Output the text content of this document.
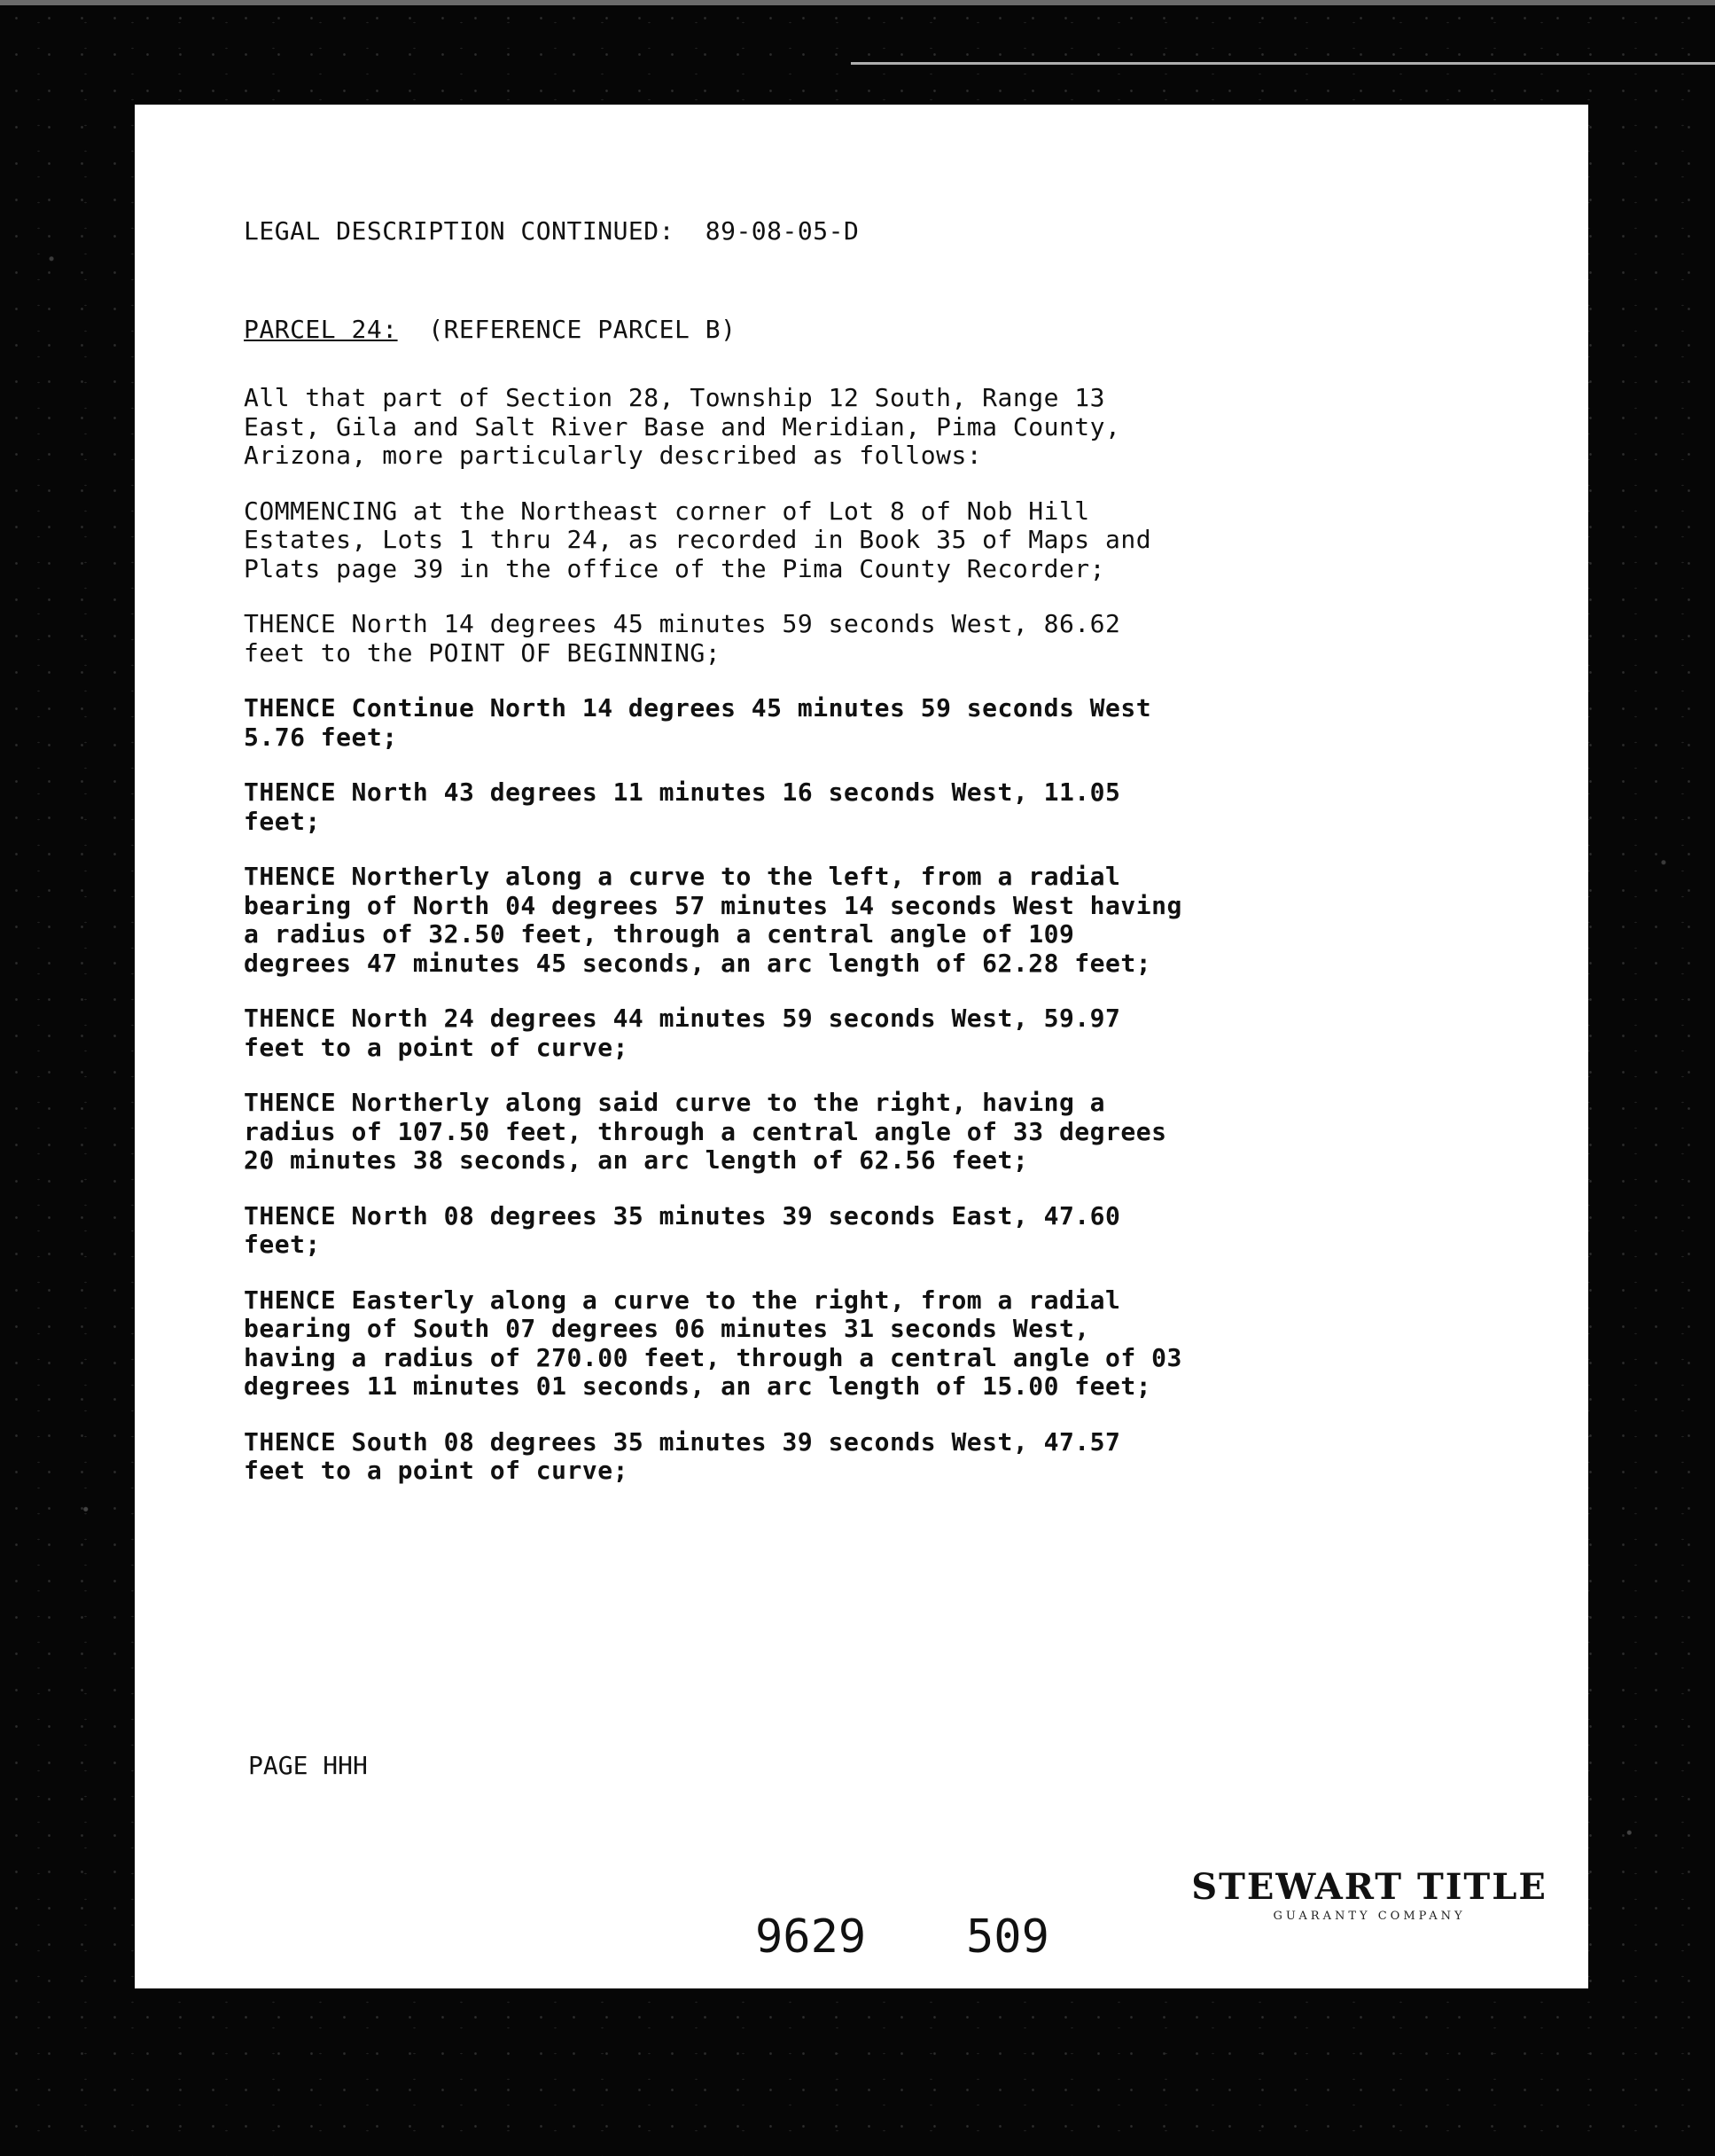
LEGAL DESCRIPTION CONTINUED:  89-08-05-D
PARCEL 24: (REFERENCE PARCEL B)
All that part of Section 28, Township 12 South, Range 13
East, Gila and Salt River Base and Meridian, Pima County,
Arizona, more particularly described as follows:
COMMENCING at the Northeast corner of Lot 8 of Nob Hill
Estates, Lots 1 thru 24, as recorded in Book 35 of Maps and
Plats page 39 in the office of the Pima County Recorder;
THENCE North 14 degrees 45 minutes 59 seconds West, 86.62
feet to the POINT OF BEGINNING;
THENCE Continue North 14 degrees 45 minutes 59 seconds West
5.76 feet;
THENCE North 43 degrees 11 minutes 16 seconds West, 11.05
feet;
THENCE Northerly along a curve to the left, from a radial
bearing of North 04 degrees 57 minutes 14 seconds West having
a radius of 32.50 feet, through a central angle of 109
degrees 47 minutes 45 seconds, an arc length of 62.28 feet;
THENCE North 24 degrees 44 minutes 59 seconds West, 59.97
feet to a point of curve;
THENCE Northerly along said curve to the right, having a
radius of 107.50 feet, through a central angle of 33 degrees
20 minutes 38 seconds, an arc length of 62.56 feet;
THENCE North 08 degrees 35 minutes 39 seconds East, 47.60
feet;
THENCE Easterly along a curve to the right, from a radial
bearing of South 07 degrees 06 minutes 31 seconds West,
having a radius of 270.00 feet, through a central angle of 03
degrees 11 minutes 01 seconds, an arc length of 15.00 feet;
THENCE South 08 degrees 35 minutes 39 seconds West, 47.57
feet to a point of curve;
PAGE HHH
STEWART TITLE
GUARANTY COMPANY
9629 509
